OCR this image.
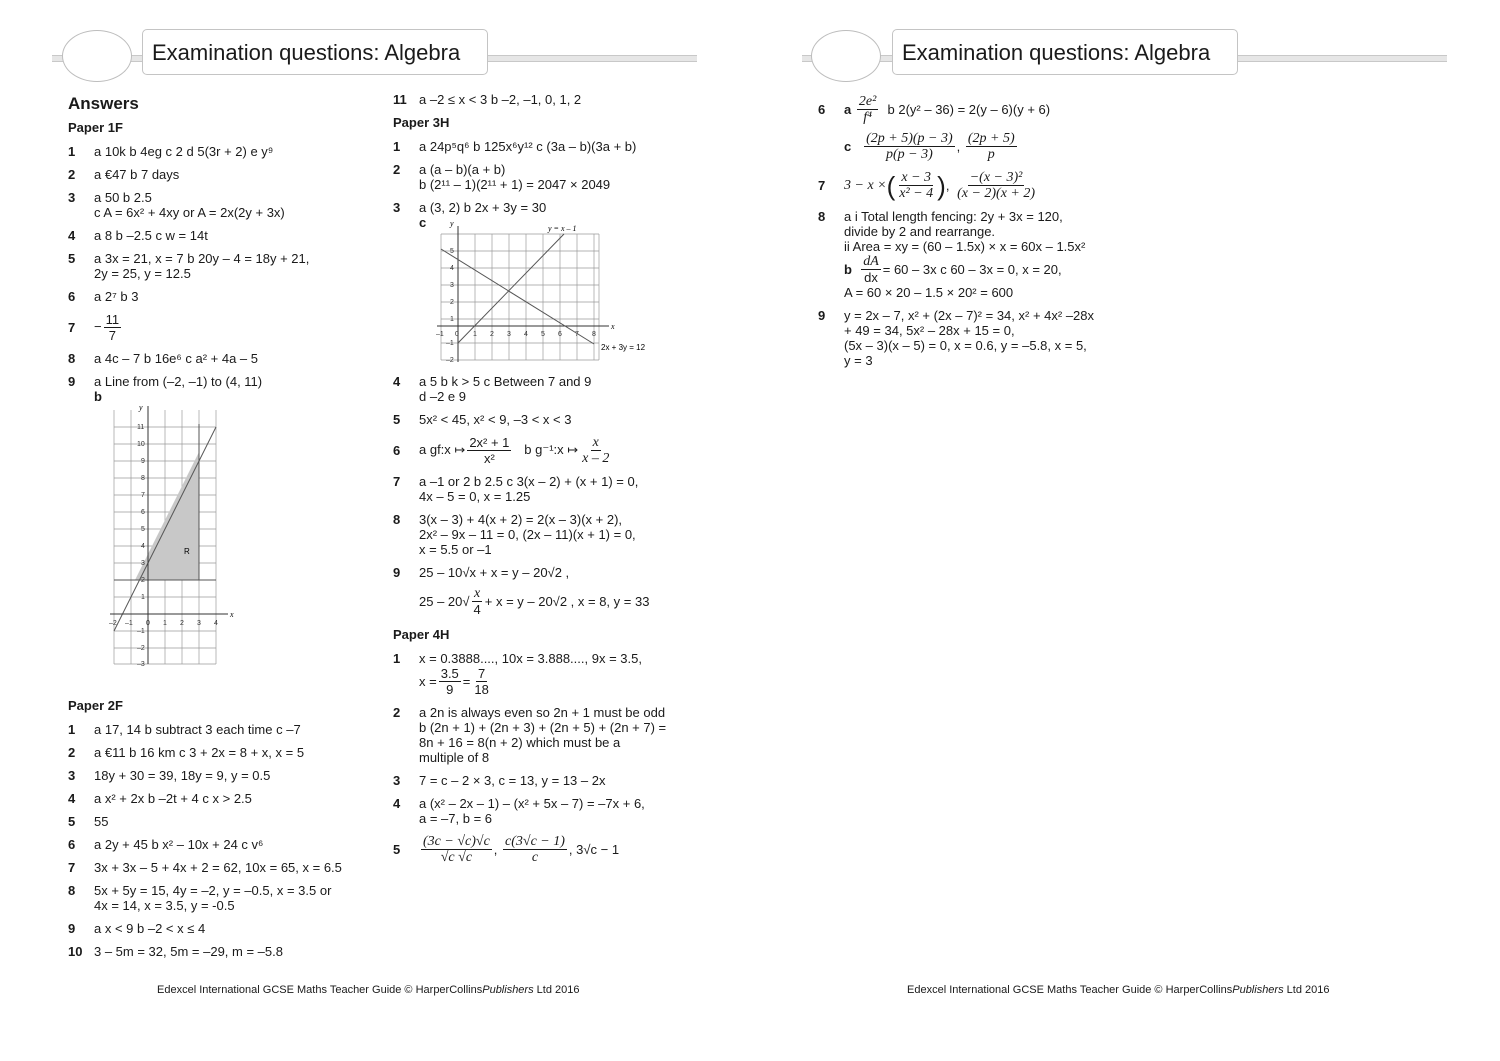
Examination questions: Algebra
Answers
Paper 1F
1	a 10k b 4eg c 2 d 5(3r + 2) e y⁹
2	a €47 b 7 days
3	a 50 b 2.5
c A = 6x² + 4xy or A = 2x(2y + 3x)
4	a 8 b –2.5 c w = 14t
5	a 3x = 21, x = 7 b 20y – 4 = 18y + 21,
2y = 25, y = 12.5
6	a 2⁷ b 3
7	− $\frac{11}{7}$
8	a 4c – 7 b 16e⁶ c a² + 4a – 5
9	a Line from (–2, –1) to (4, 11)
b
y
x
R
–2 –1 0 1 2 3 4
11
10
9
8
7
6
5
4
3
2
1
–1
–2
–3
Paper 2F
1	a 17, 14 b subtract 3 each time c –7
2	a €11 b 16 km c 3 + 2x = 8 + x, x = 5
3	18y + 30 = 39, 18y = 9, y = 0.5
4	a x² + 2x b –2t + 4 c x > 2.5
5	55
6	a 2y + 45 b x² – 10x + 24 c v⁶
7	3x + 3x – 5 + 4x + 2 = 62, 10x = 65, x = 6.5
8	5x + 5y = 15, 4y = –2, y = –0.5, x = 3.5 or
4x = 14, x = 3.5, y = -0.5
9	a x < 9 b –2 < x ≤ 4
10 3 – 5m = 32, 5m = –29, m = –5.8
11 a –2 ≤ x < 3 b –2, –1, 0, 1, 2
Paper 3H
1	a 24p⁵q⁶ b 125x⁶y¹² c (3a – b)(3a + b)
2	a (a – b)(a + b)
b (2¹¹ – 1)(2¹¹ + 1) = 2047 × 2049
3	a (3, 2) b 2x + 3y = 30
c	y = x – 1
2x + 3y = 12
y
x
–1 0 1 2 3 4 5 6 7 8
5
4
3
2
1
–1
–2
4	a 5 b k > 5 c Between 7 and 9
d –2 e 9
5	5x² < 45, x² < 9, –3 < x < 3
6	a gf:x ↦ $\frac{\text{2x² + 1}}{\text{x²}}$ b g⁻¹:x ↦ $\frac{x}{x - 2}$
7	a –1 or 2 b 2.5 c 3(x – 2) + (x + 1) = 0,
4x – 5 = 0, x = 1.25
8	3(x – 3) + 4(x + 2) = 2(x – 3)(x + 2),
2x² – 9x – 11 = 0, (2x – 11)(x + 1) = 0,
x = 5.5 or –1
9	25 – 10√x + x = y – 20√2 ,

25 – 20√
x
4
+ x = y – 20√2 , x = 8, y = 33
Paper 4H
1	x = 0.3888...., 10x = 3.888...., 9x = 3.5,

$x = \frac{3.5}{9} = \frac{7}{18}$
2	a 2n is always even so 2n + 1 must be odd
b (2n + 1) + (2n + 3) + (2n + 5) + (2n + 7) =
8n + 16 = 8(n + 2) which must be a
multiple of 8
3	7 = c – 2 × 3, c = 13, y = 13 – 2x
4	a (x² – 2x – 1) – (x² + 5x – 7) = –7x + 6,
a = –7, b = 6
5
(3c − √c)√c
√c √c
,

c(3√c − 1)
c
, 3√c − 1
Edexcel International GCSE Maths Teacher Guide © HarperCollinsPublishers Ltd 2016
Examination questions: Algebra
6	a

2e²
f⁴

b 2(y² – 36) = 2(y – 6)(y + 6)
c

(2p + 5)(p − 3)
p(p − 3)
,

(2p + 5)
p
7	3 − x × ( x − 3
x² − 4 ) ,

−(x − 3)²
(x − 2)(x + 2)
8	a i Total length fencing: 2y + 3x = 120,
divide by 2 and rearrange.
ii Area = xy = (60 – 1.5x) × x = 60x – 1.5x²

b
$\frac{dA}{dx} = 60 - 3x$ c 60 – 3x = 0, x = 20,

A = 60 × 20 – 1.5 × 20² = 600
9	y = 2x – 7, x² + (2x – 7)² = 34, x² + 4x² –28x
+ 49 = 34, 5x² – 28x + 15 = 0,
(5x – 3)(x – 5) = 0, x = 0.6, y = –5.8, x = 5,
y = 3
Edexcel International GCSE Maths Teacher Guide © HarperCollinsPublishers Ltd 2016
